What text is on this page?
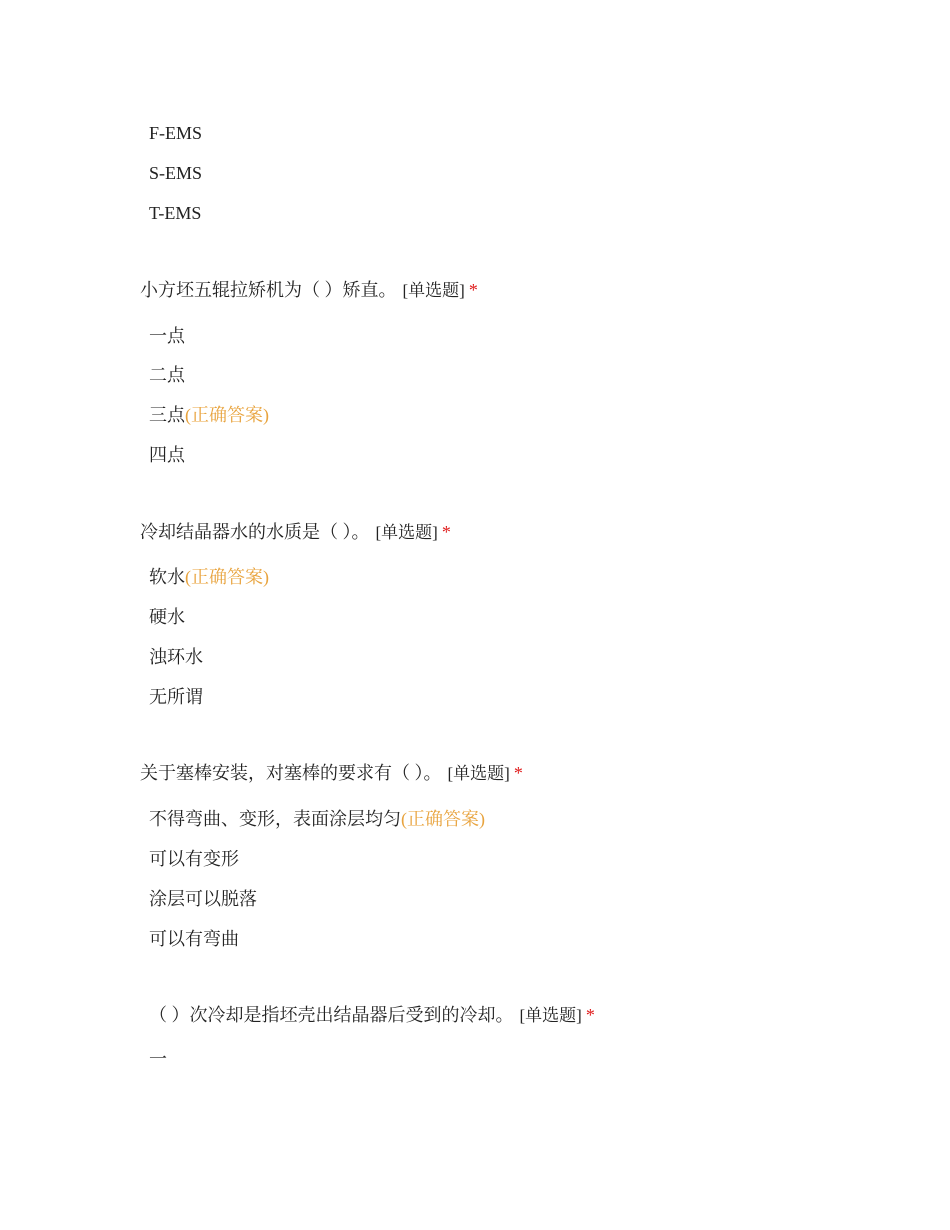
F-EMS
S-EMS
T-EMS
小方坯五辊拉矫机为（ ）矫直。 [单选题] *
一点
二点
三点(正确答案)
四点
冷却结晶器水的水质是（ ）。 [单选题] *
软水(正确答案)
硬水
浊环水
无所谓
关于塞棒安装，对塞棒的要求有（ ）。 [单选题] *
不得弯曲、变形，表面涂层均匀(正确答案)
可以有变形
涂层可以脱落
可以有弯曲
（ ）次冷却是指坯壳出结晶器后受到的冷却。 [单选题] *
一
